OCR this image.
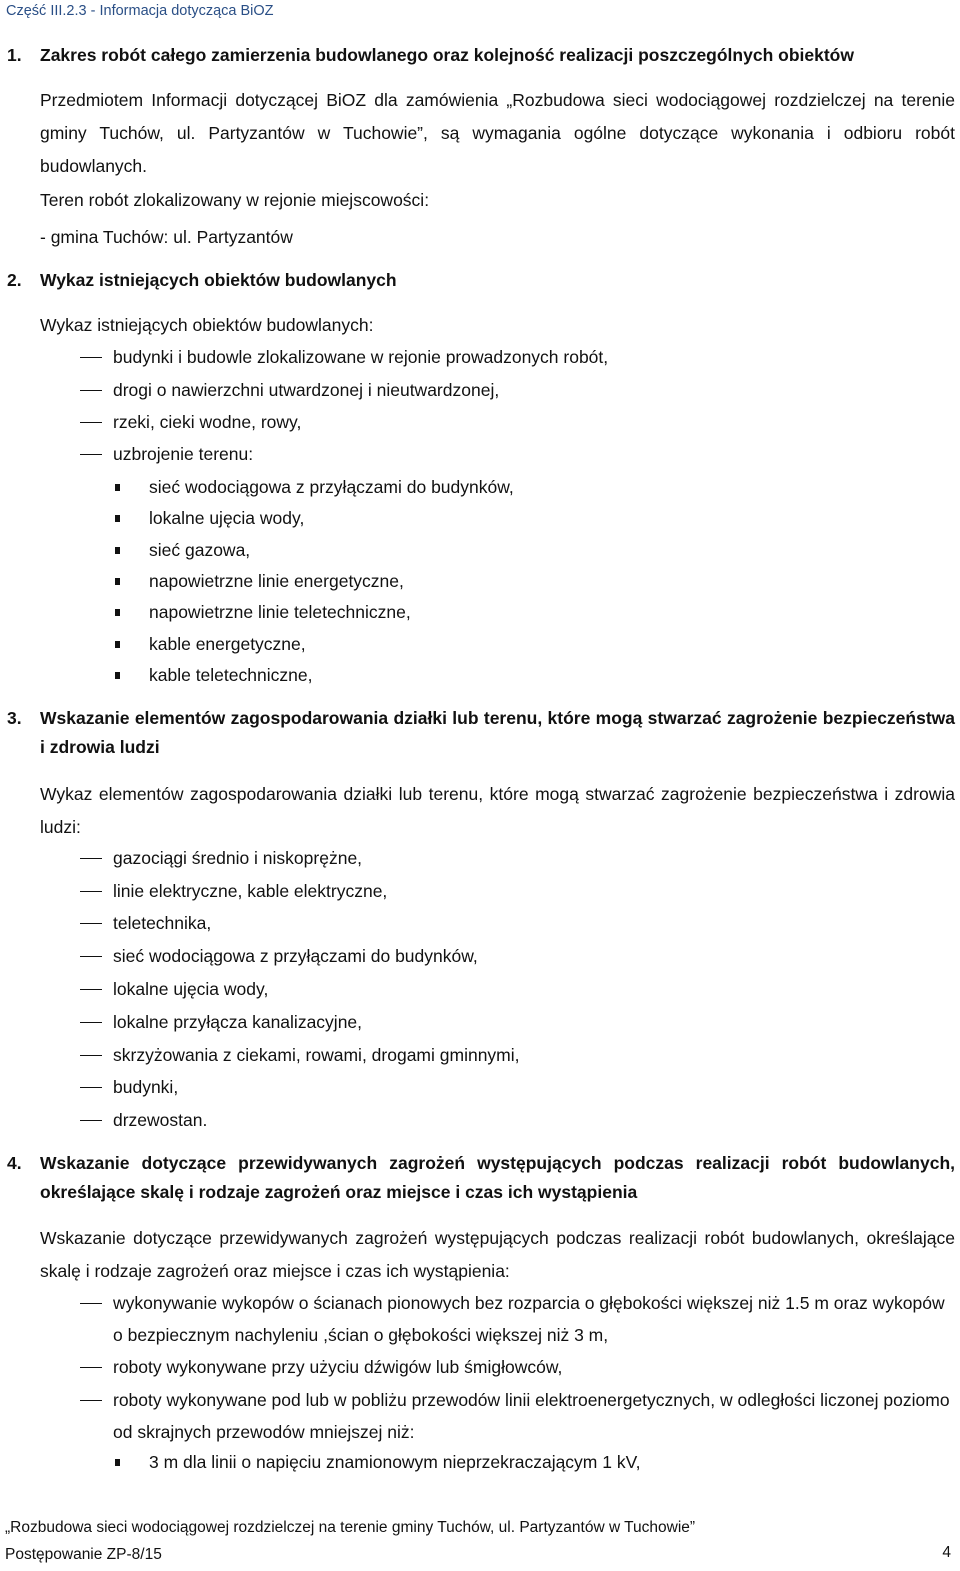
Część III.2.3 - Informacja dotycząca BiOZ
1.	Zakres robót całego zamierzenia budowlanego oraz kolejność realizacji poszczególnych obiektów

Przedmiotem Informacji dotyczącej BiOZ dla zamówienia „Rozbudowa sieci wodociągowej rozdzielczej na terenie gminy Tuchów, ul. Partyzantów w Tuchowie”, są wymagania ogólne dotyczące wykonania i odbioru robót budowlanych.

Teren robót zlokalizowany w rejonie miejscowości:

- gmina Tuchów: ul. Partyzantów

2.	Wykaz istniejących obiektów budowlanych

Wykaz istniejących obiektów budowlanych:

budynki i budowle zlokalizowane w rejonie prowadzonych robót,
drogi o nawierzchni utwardzonej i nieutwardzonej,
rzeki, cieki wodne, rowy,
uzbrojenie terenu:
sieć wodociągowa z przyłączami do budynków,
lokalne ujęcia wody,
sieć gazowa,
napowietrzne linie energetyczne,
napowietrzne linie teletechniczne,
kable energetyczne,
kable teletechniczne,
3.	Wskazanie elementów zagospodarowania działki lub terenu, które mogą stwarzać zagrożenie bezpieczeństwa i zdrowia ludzi

Wykaz elementów zagospodarowania działki lub terenu, które mogą stwarzać zagrożenie bezpieczeństwa i zdrowia ludzi:

gazociągi średnio i niskoprężne,
linie elektryczne, kable elektryczne,
teletechnika,
sieć wodociągowa z przyłączami do budynków,
lokalne ujęcia wody,
lokalne przyłącza kanalizacyjne,
skrzyżowania z ciekami, rowami, drogami gminnymi,
budynki,
drzewostan.
4.	Wskazanie dotyczące przewidywanych zagrożeń występujących podczas realizacji robót budowlanych, określające skalę i rodzaje zagrożeń oraz miejsce i czas ich wystąpienia

Wskazanie dotyczące przewidywanych zagrożeń występujących podczas realizacji robót budowlanych, określające skalę i rodzaje zagrożeń oraz miejsce i czas ich wystąpienia:

wykonywanie wykopów o ścianach pionowych bez rozparcia o głębokości większej niż 1.5 m oraz wykopów o bezpiecznym nachyleniu ,ścian o głębokości większej niż 3 m,
roboty wykonywane przy użyciu dźwigów lub śmigłowców,
roboty wykonywane pod lub w pobliżu przewodów linii elektroenergetycznych, w odległości liczonej poziomo od skrajnych przewodów mniejszej niż:
3 m dla linii o napięciu znamionowym nieprzekraczającym 1 kV,
„Rozbudowa sieci wodociągowej rozdzielczej na terenie gminy Tuchów, ul. Partyzantów w Tuchowie”
Postępowanie ZP-8/15	4
